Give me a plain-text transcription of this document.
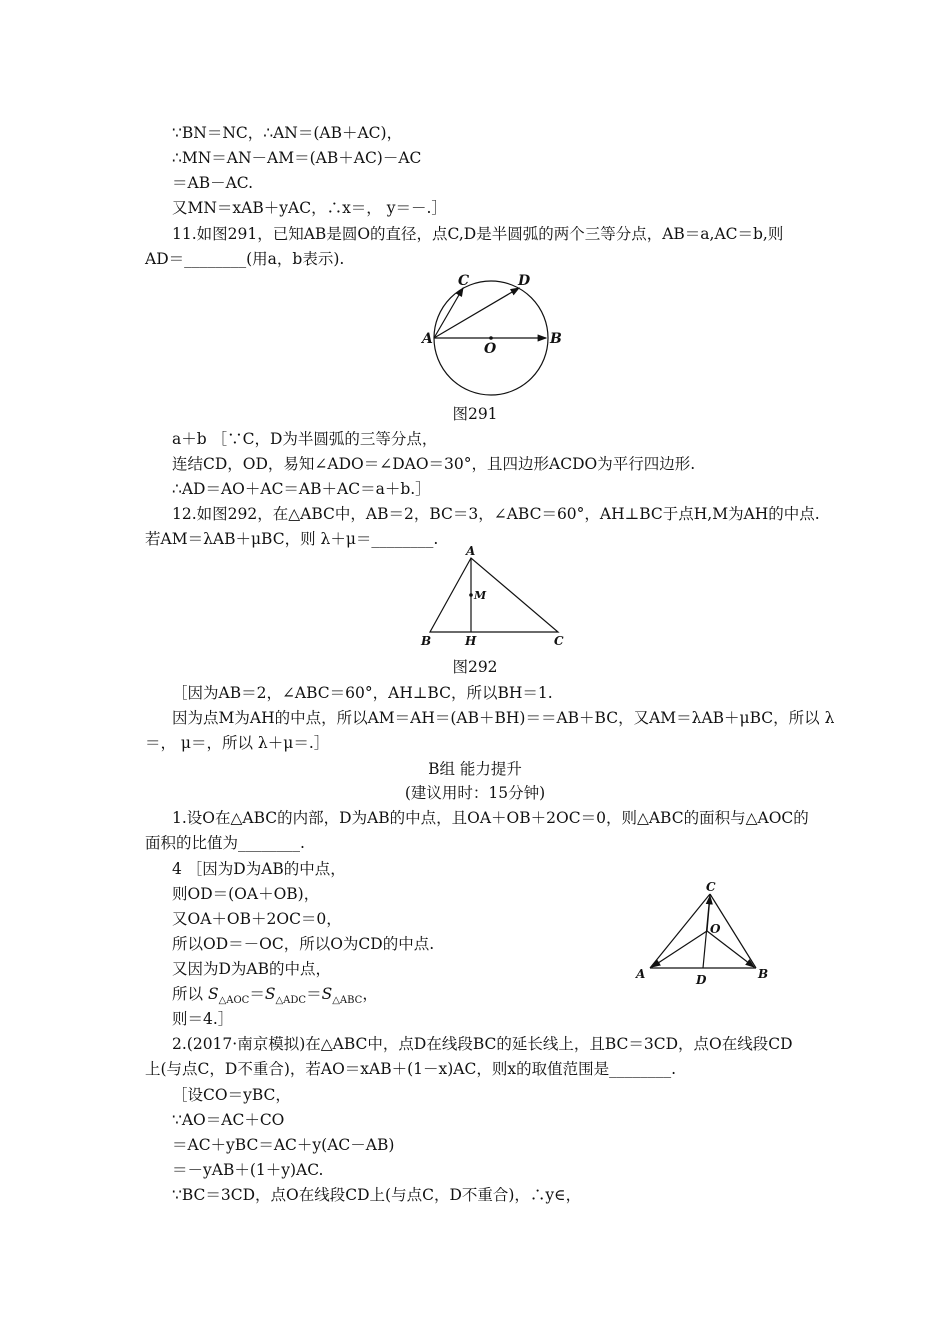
∵BN＝NC，∴AN＝(AB＋AC)，
∴MN＝AN－AM＝(AB＋AC)－AC
＝AB－AC.
又MN＝xAB＋yAC，∴x＝， y＝－.］
11.如图291，已知AB是圆O的直径，点C,D是半圆弧的两个三等分点，AB＝a,AC＝b,则
AD＝________(用a，b表示).
A	B
C	D
O
图291
a＋b ［∵C，D为半圆弧的三等分点，
连结CD，OD，易知∠ADO＝∠DAO＝30°，且四边形ACDO为平行四边形.
∴AD＝AO＋AC＝AB＋AC＝a＋b.］
12.如图292，在△ABC中，AB＝2，BC＝3，∠ABC＝60°，AH⊥BC于点H,M为AH的中点.
若AM＝λAB＋μBC，则 λ＋μ＝________.
A
B	C
H
M
图292
［因为AB＝2，∠ABC＝60°，AH⊥BC，所以BH＝1.
因为点M为AH的中点，所以AM＝AH＝(AB＋BH)＝＝AB＋BC，又AM＝λAB＋μBC，所以 λ
＝， μ＝，所以 λ＋μ＝.］
B组 能力提升
(建议用时：15分钟)
1.设O在△ABC的内部，D为AB的中点，且OA＋OB＋2OC＝0，则△ABC的面积与△AOC的
面积的比值为________.
4 ［因为D为AB的中点，
则OD＝(OA＋OB)，
又OA＋OB＋2OC＝0，
所以OD＝－OC，所以O为CD的中点.
又因为D为AB的中点，
所以 $S_{\triangle AOC}=S_{\triangle ADC}=S_{\triangle ABC}$，
则＝4.］
C
O
A	B
D
2.(2017·南京模拟)在△ABC中，点D在线段BC的延长线上，且BC＝3CD，点O在线段CD
上(与点C，D不重合)，若AO＝xAB＋(1－x)AC，则x的取值范围是________.
［设CO＝yBC，
∵AO＝AC＋CO
＝AC＋yBC＝AC＋y(AC－AB)
＝－yAB＋(1＋y)AC.
∵BC＝3CD，点O在线段CD上(与点C，D不重合)，∴y∈，
